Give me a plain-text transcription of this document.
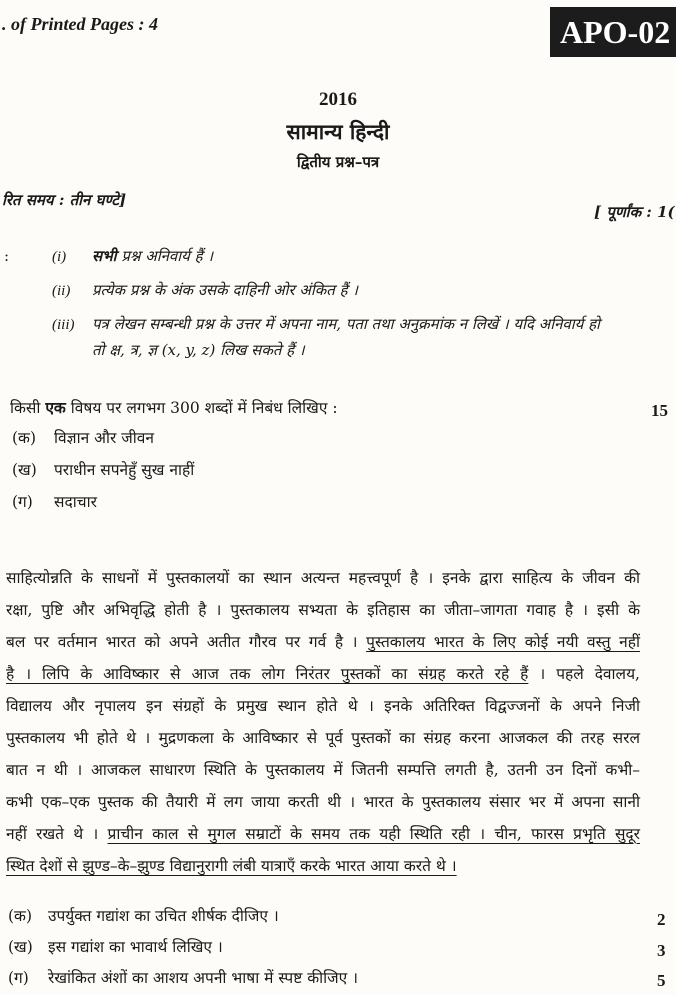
. of Printed Pages : 4	APO-02
2016
सामान्य हिन्दी
द्वितीय प्रश्न–पत्र
रित समय : तीन घण्टे]
[ पूर्णांक : 1(
:	(i) सभी प्रश्न अनिवार्य हैं ।
(ii) प्रत्येक प्रश्न के अंक उसके दाहिनी ओर अंकित हैं ।
(iii) पत्र लेखन सम्बन्धी प्रश्न के उत्तर में अपना नाम, पता तथा अनुक्रमांक न लिखें । यदि अनिवार्य हो
तो क्ष, त्र, ज्ञ (x, y, z) लिख सकते हैं ।
किसी एक विषय पर लगभग 300 शब्दों में निबंध लिखिए :	15
(क) विज्ञान और जीवन
(ख) पराधीन सपनेहुँ सुख नाहीं
(ग) सदाचार
साहित्योन्नति के साधनों में पुस्तकालयों का स्थान अत्यन्त महत्त्वपूर्ण है । इनके द्वारा साहित्य के जीवन की
रक्षा, पुष्टि और अभिवृद्धि होती है । पुस्तकालय सभ्यता के इतिहास का जीता–जागता गवाह है । इसी के
बल पर वर्तमान भारत को अपने अतीत गौरव पर गर्व है । पुस्तकालय भारत के लिए कोई नयी वस्तु नहीं
है । लिपि के आविष्कार से आज तक लोग निरंतर पुस्तकों का संग्रह करते रहे हैं । पहले देवालय,
विद्यालय और नृपालय इन संग्रहों के प्रमुख स्थान होते थे । इनके अतिरिक्त विद्वज्जनों के अपने निजी
पुस्तकालय भी होते थे । मुद्रणकला के आविष्कार से पूर्व पुस्तकों का संग्रह करना आजकल की तरह सरल
बात न थी । आजकल साधारण स्थिति के पुस्तकालय में जितनी सम्पत्ति लगती है, उतनी उन दिनों कभी–
कभी एक–एक पुस्तक की तैयारी में लग जाया करती थी । भारत के पुस्तकालय संसार भर में अपना सानी
नहीं रखते थे । प्राचीन काल से मुगल सम्राटों के समय तक यही स्थिति रही । चीन, फारस प्रभृति सुदूर
स्थित देशों से झुण्ड–के–झुण्ड विद्यानुरागी लंबी यात्राएँ करके भारत आया करते थे ।
(क) उपर्युक्त गद्यांश का उचित शीर्षक दीजिए ।	2
(ख) इस गद्यांश का भावार्थ लिखिए ।	3
(ग) रेखांकित अंशों का आशय अपनी भाषा में स्पष्ट कीजिए ।	5
